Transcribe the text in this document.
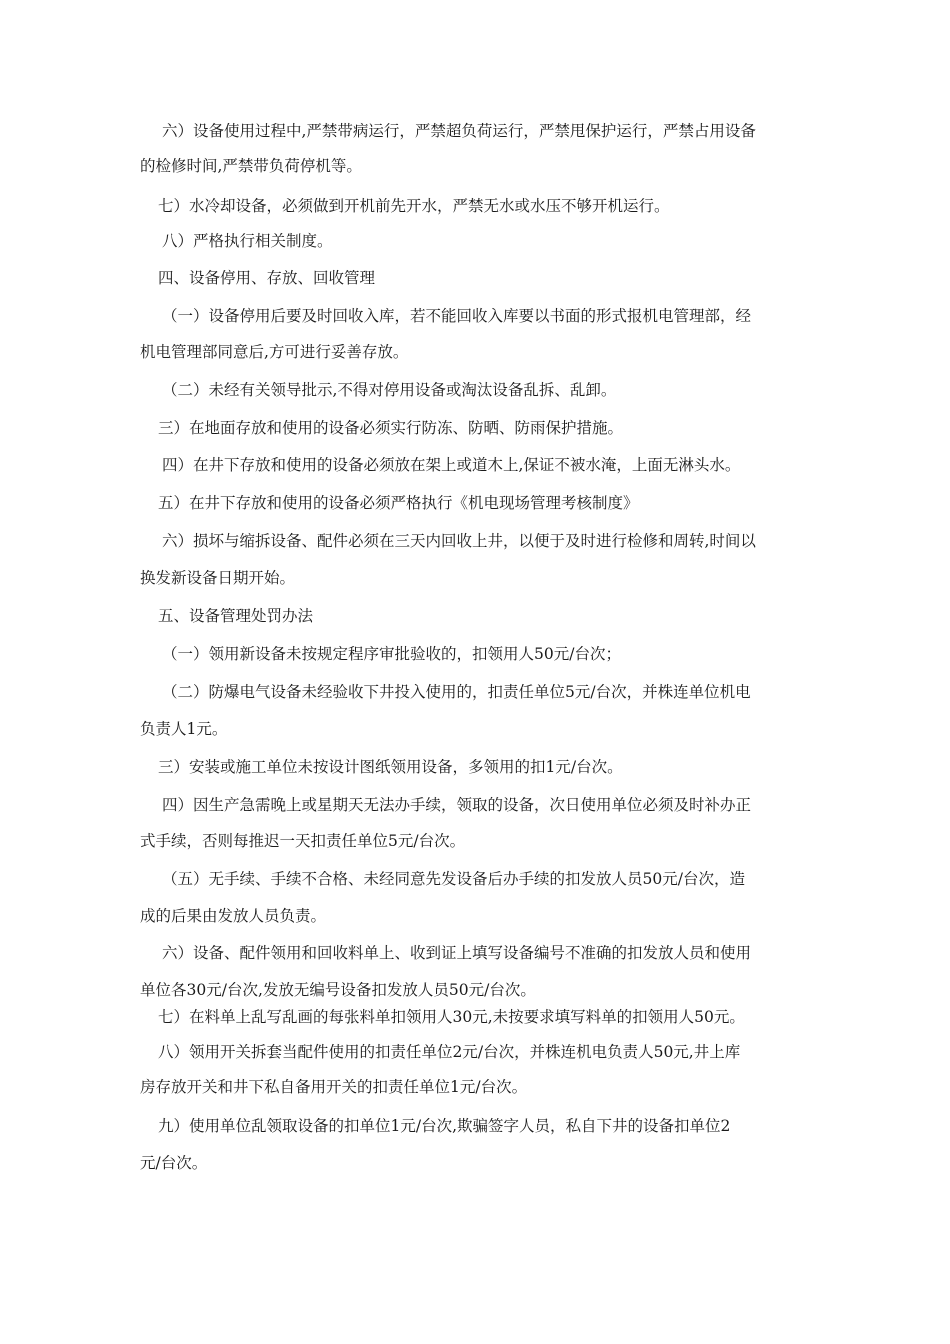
六）设备使用过程中,严禁带病运行，严禁超负荷运行，严禁甩保护运行，严禁占用设备
的检修时间,严禁带负荷停机等。
七）水冷却设备，必须做到开机前先开水，严禁无水或水压不够开机运行。
八）严格执行相关制度。
四、设备停用、存放、回收管理
（一）设备停用后要及时回收入库，若不能回收入库要以书面的形式报机电管理部，经
机电管理部同意后,方可进行妥善存放。
（二）未经有关领导批示,不得对停用设备或淘汰设备乱拆、乱卸。
三）在地面存放和使用的设备必须实行防冻、防晒、防雨保护措施。
四）在井下存放和使用的设备必须放在架上或道木上,保证不被水淹，上面无淋头水。
五）在井下存放和使用的设备必须严格执行《机电现场管理考核制度》
六）损坏与缩拆设备、配件必须在三天内回收上井，以便于及时进行检修和周转,时间以
换发新设备日期开始。
五、设备管理处罚办法
（一）领用新设备未按规定程序审批验收的，扣领用人50元/台次；
（二）防爆电气设备未经验收下井投入使用的，扣责任单位5元/台次，并株连单位机电
负责人1元。
三）安装或施工单位未按设计图纸领用设备，多领用的扣1元/台次。
四）因生产急需晚上或星期天无法办手续，领取的设备，次日使用单位必须及时补办正
式手续，否则每推迟一天扣责任单位5元/台次。
（五）无手续、手续不合格、未经同意先发设备后办手续的扣发放人员50元/台次，造
成的后果由发放人员负责。
六）设备、配件领用和回收料单上、收到证上填写设备编号不准确的扣发放人员和使用
单位各30元/台次,发放无编号设备扣发放人员50元/台次。
七）在料单上乱写乱画的每张料单扣领用人30元,未按要求填写料单的扣领用人50元。
八）领用开关拆套当配件使用的扣责任单位2元/台次，并株连机电负责人50元,井上库
房存放开关和井下私自备用开关的扣责任单位1元/台次。
九）使用单位乱领取设备的扣单位1元/台次,欺骗签字人员，私自下井的设备扣单位2
元/台次。
